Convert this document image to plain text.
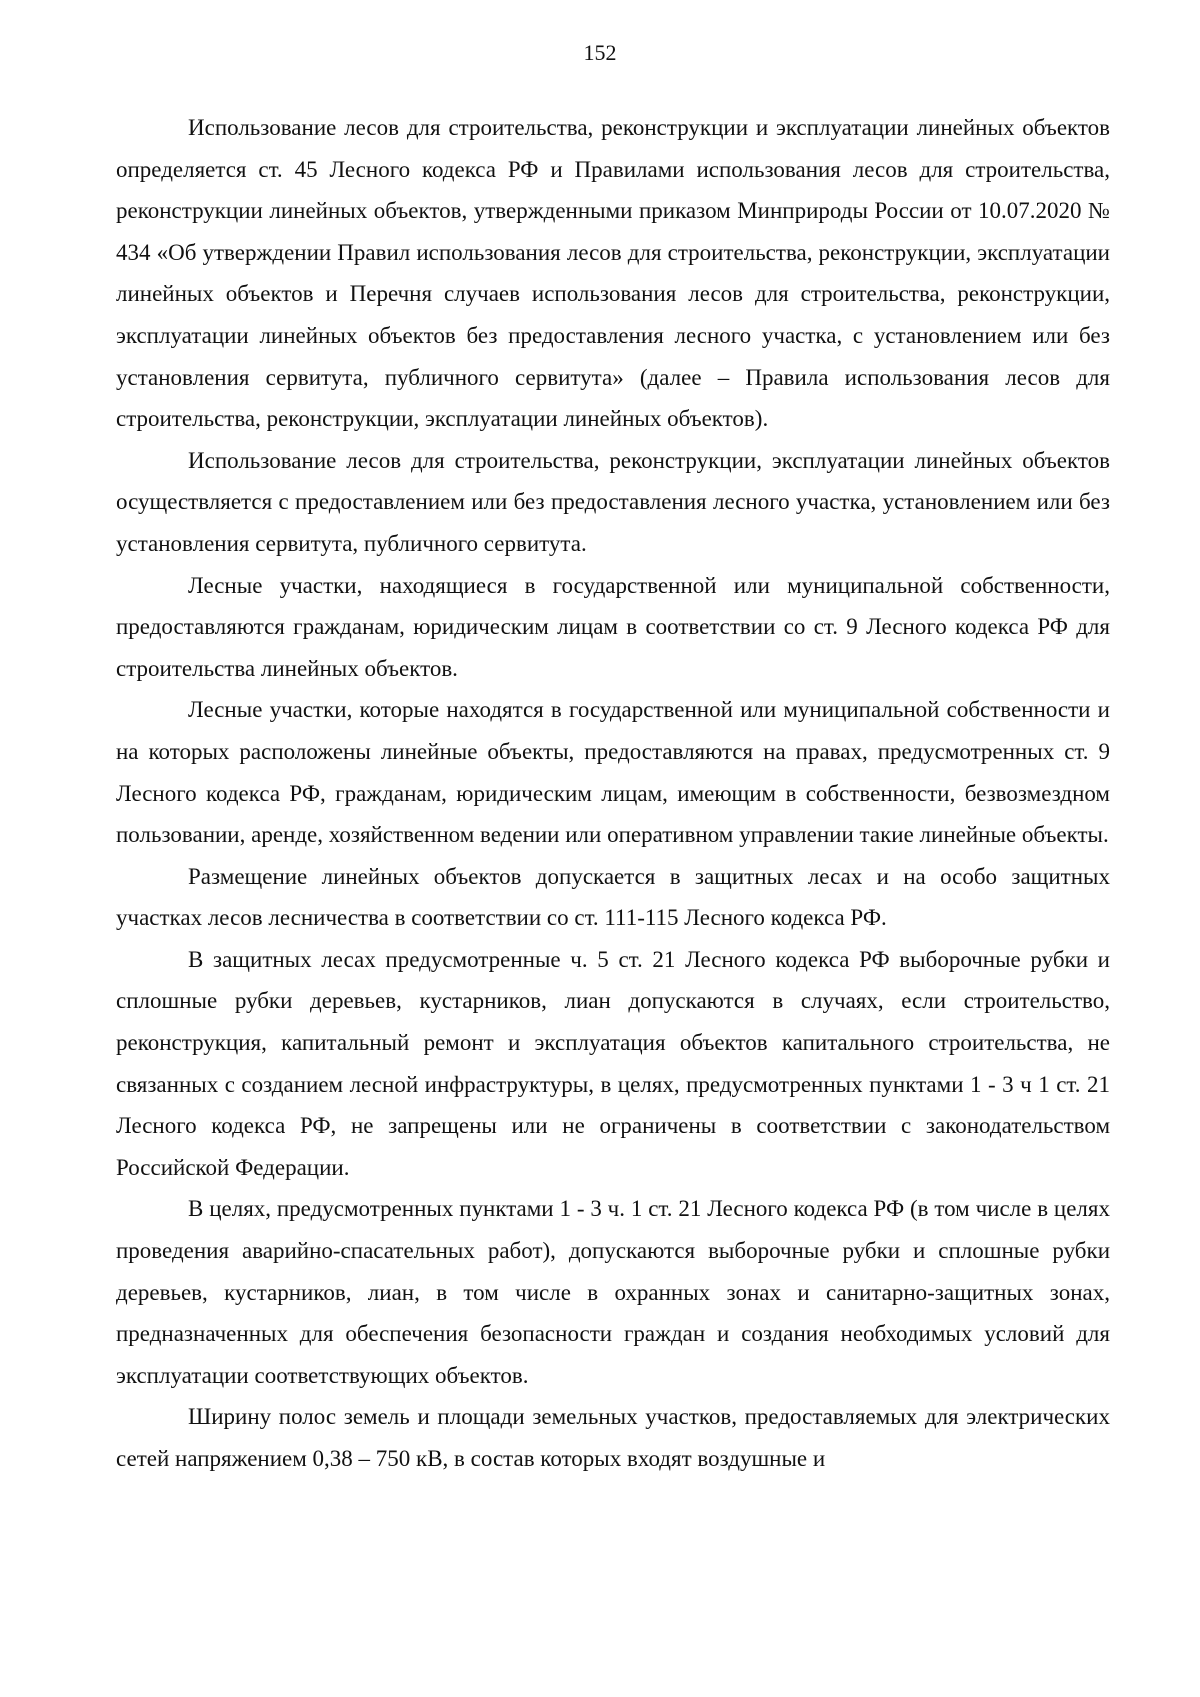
152

Использование лесов для строительства, реконструкции и эксплуатации линейных объектов определяется ст. 45 Лесного кодекса РФ и Правилами использования лесов для строительства, реконструкции линейных объектов, утвержденными приказом Минприроды России от 10.07.2020 № 434 «Об утверждении Правил использования лесов для строительства, реконструкции, эксплуатации линейных объектов и Перечня случаев использования лесов для строительства, реконструкции, эксплуатации линейных объектов без предоставления лесного участка, с установлением или без установления сервитута, публичного сервитута» (далее – Правила использования лесов для строительства, реконструкции, эксплуатации линейных объектов).

Использование лесов для строительства, реконструкции, эксплуатации линейных объектов осуществляется с предоставлением или без предоставления лесного участка, установлением или без установления сервитута, публичного сервитута.

Лесные участки, находящиеся в государственной или муниципальной собственности, предоставляются гражданам, юридическим лицам в соответствии со ст. 9 Лесного кодекса РФ для строительства линейных объектов.

Лесные участки, которые находятся в государственной или муниципальной собственности и на которых расположены линейные объекты, предоставляются на правах, предусмотренных ст. 9 Лесного кодекса РФ, гражданам, юридическим лицам, имеющим в собственности, безвозмездном пользовании, аренде, хозяйственном ведении или оперативном управлении такие линейные объекты.

Размещение линейных объектов допускается в защитных лесах и на особо защитных участках лесов лесничества в соответствии со ст. 111-115 Лесного кодекса РФ.

В защитных лесах предусмотренные ч. 5 ст. 21 Лесного кодекса РФ выборочные рубки и сплошные рубки деревьев, кустарников, лиан допускаются в случаях, если строительство, реконструкция, капитальный ремонт и эксплуатация объектов капитального строительства, не связанных с созданием лесной инфраструктуры, в целях, предусмотренных пунктами 1 - 3 ч 1 ст. 21 Лесного кодекса РФ, не запрещены или не ограничены в соответствии с законодательством Российской Федерации.

В целях, предусмотренных пунктами 1 - 3 ч. 1 ст. 21 Лесного кодекса РФ (в том числе в целях проведения аварийно-спасательных работ), допускаются выборочные рубки и сплошные рубки деревьев, кустарников, лиан, в том числе в охранных зонах и санитарно-защитных зонах, предназначенных для обеспечения безопасности граждан и создания необходимых условий для эксплуатации соответствующих объектов.

Ширину полос земель и площади земельных участков, предоставляемых для электрических сетей напряжением 0,38 – 750 кВ, в состав которых входят воздушные и
